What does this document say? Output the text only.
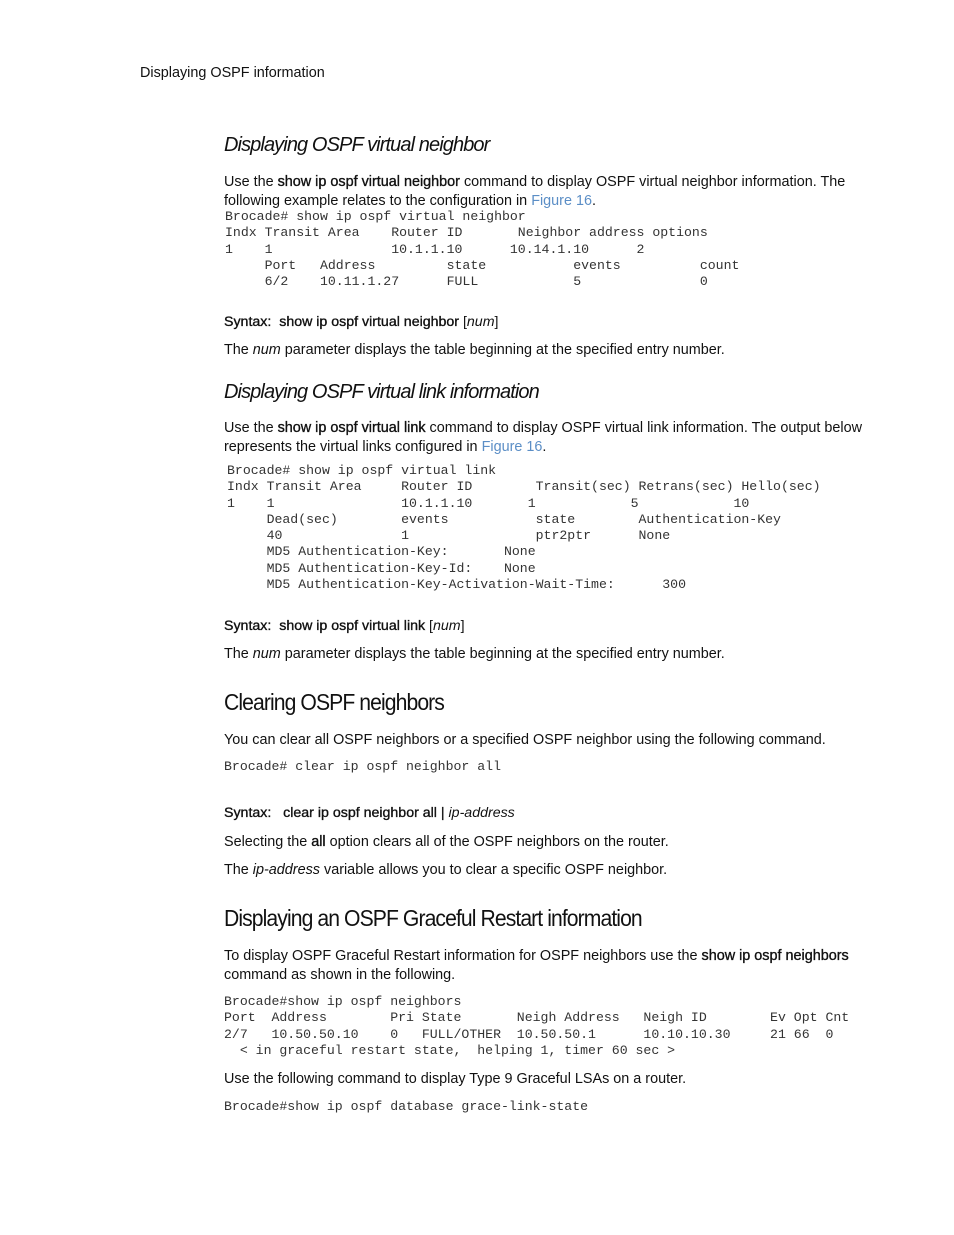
Displaying OSPF information
Displaying OSPF virtual neighbor
Use the show ip ospf virtual neighbor command to display OSPF virtual neighbor information. The following example relates to the configuration in Figure 16.
Brocade# show ip ospf virtual neighbor
Indx Transit Area    Router ID       Neighbor address options
1    1               10.1.1.10      10.14.1.10      2
Port   Address         state           events          count
6/2    10.11.1.27      FULL            5               0
Syntax: show ip ospf virtual neighbor [num]
The num parameter displays the table beginning at the specified entry number.
Displaying OSPF virtual link information
Use the show ip ospf virtual link command to display OSPF virtual link information. The output below represents the virtual links configured in Figure 16.
Brocade# show ip ospf virtual link
Indx Transit Area     Router ID        Transit(sec) Retrans(sec) Hello(sec)
1    1                10.1.1.10       1            5            10
Dead(sec)        events           state        Authentication-Key
40               1                ptr2ptr      None
MD5 Authentication-Key:       None
MD5 Authentication-Key-Id:    None
MD5 Authentication-Key-Activation-Wait-Time:      300
Syntax: show ip ospf virtual link [num]
The num parameter displays the table beginning at the specified entry number.
Clearing OSPF neighbors
You can clear all OSPF neighbors or a specified OSPF neighbor using the following command.
Brocade# clear ip ospf neighbor all
Syntax: clear ip ospf neighbor all | ip-address
Selecting the all option clears all of the OSPF neighbors on the router.
The ip-address variable allows you to clear a specific OSPF neighbor.
Displaying an OSPF Graceful Restart information
To display OSPF Graceful Restart information for OSPF neighbors use the show ip ospf neighbors command as shown in the following.
Brocade#show ip ospf neighbors
Port  Address        Pri State       Neigh Address   Neigh ID        Ev Opt Cnt
2/7   10.50.50.10    0   FULL/OTHER  10.50.50.1      10.10.10.30     21 66  0
< in graceful restart state,  helping 1, timer 60 sec >
Use the following command to display Type 9 Graceful LSAs on a router.
Brocade#show ip ospf database grace-link-state
